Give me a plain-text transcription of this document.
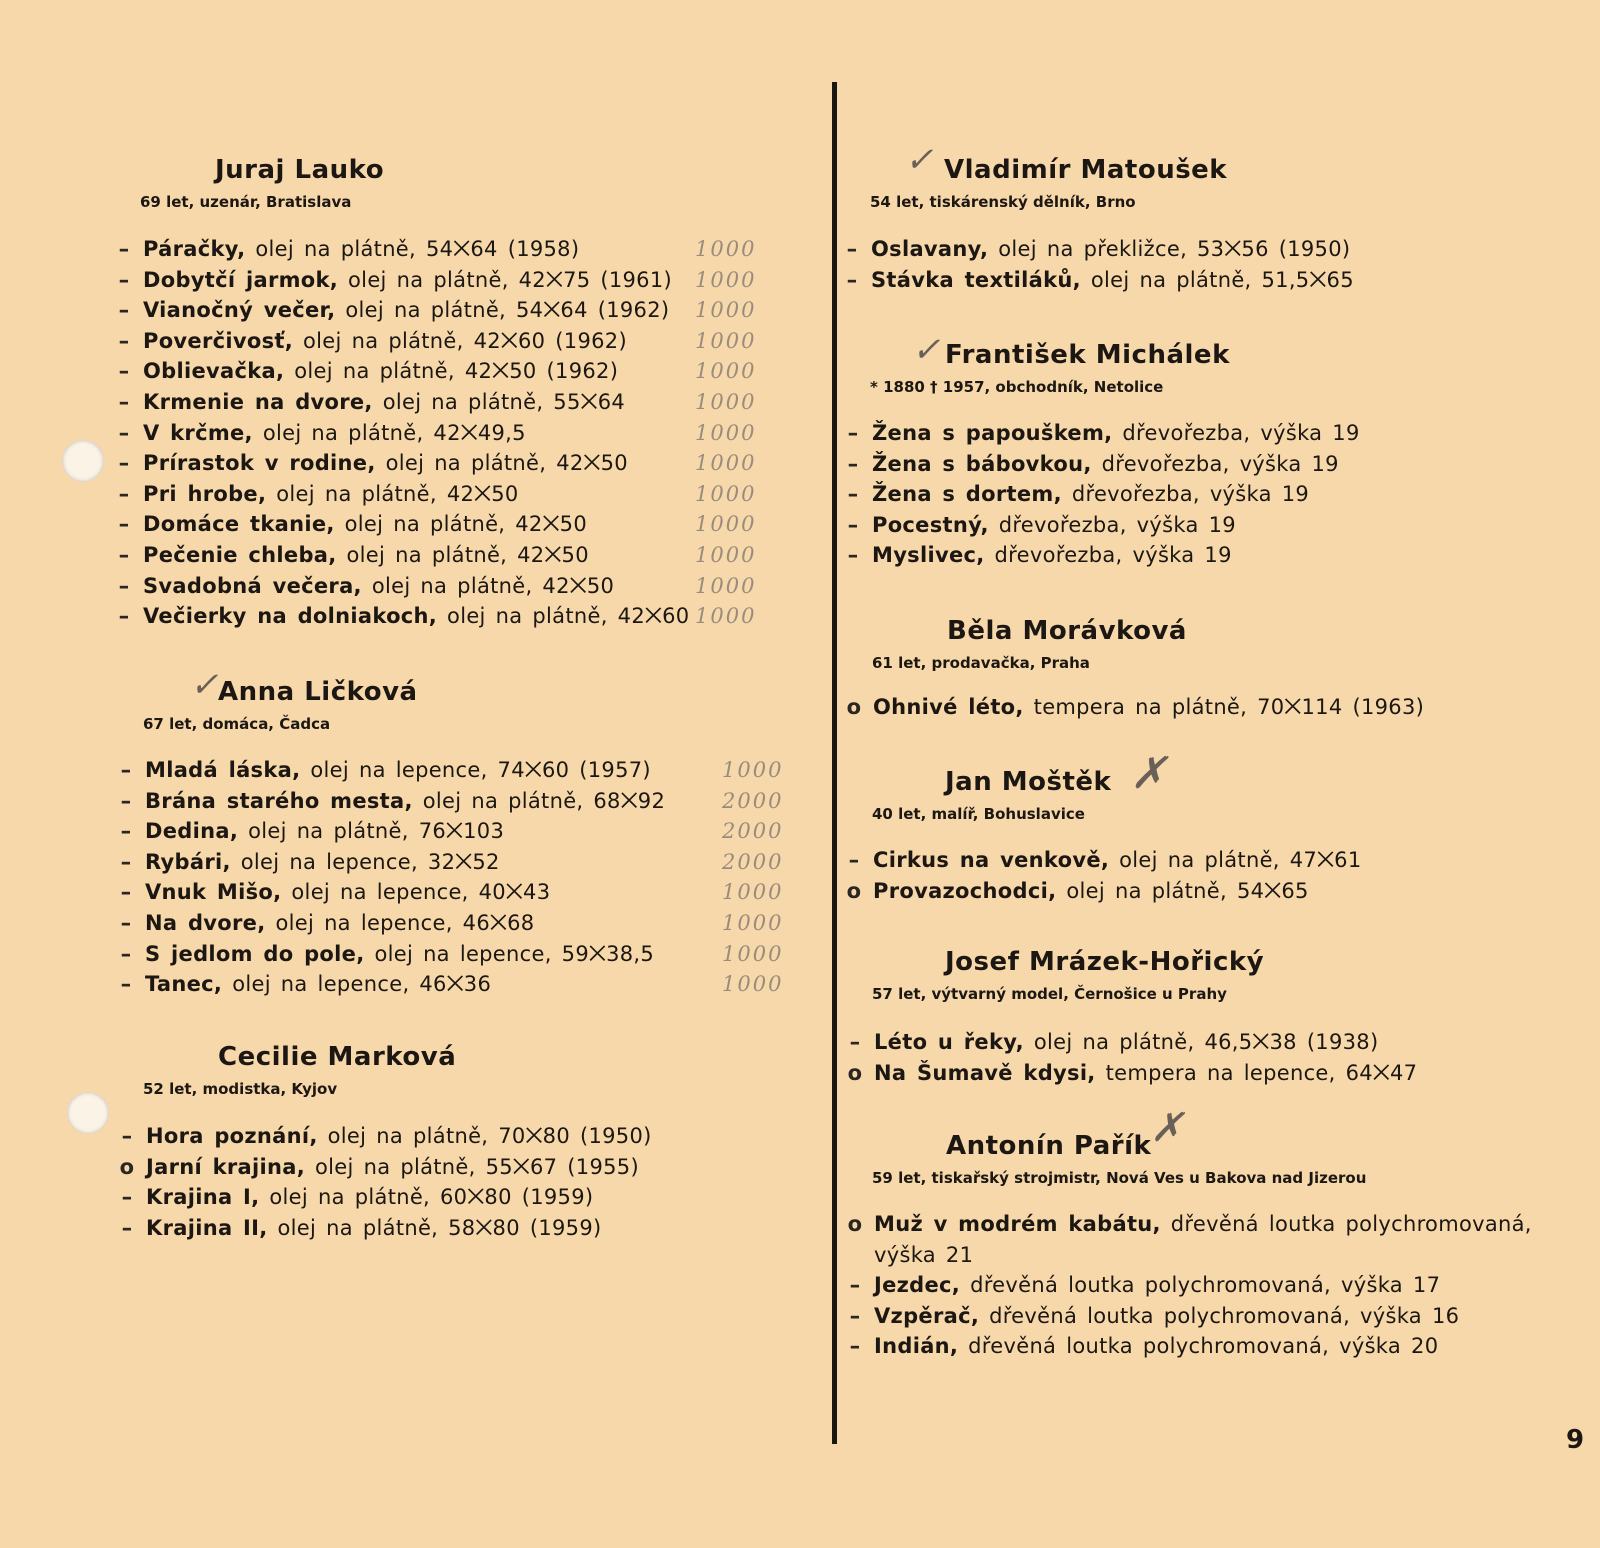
Juraj Lauko
69 let, uzenár, Bratislava
– Páračky, olej na plátně, 54⨉64 (1958)
– Dobytčí jarmok, olej na plátně, 42⨉75 (1961)
– Vianočný večer, olej na plátně, 54⨉64 (1962)
– Poverčivosť, olej na plátně, 42⨉60 (1962)
– Oblievačka, olej na plátně, 42⨉50 (1962)
– Krmenie na dvore, olej na plátně, 55⨉64
– V krčme, olej na plátně, 42⨉49,5
– Prírastok v rodine, olej na plátně, 42⨉50
– Pri hrobe, olej na plátně, 42⨉50
– Domáce tkanie, olej na plátně, 42⨉50
– Pečenie chleba, olej na plátně, 42⨉50
– Svadobná večera, olej na plátně, 42⨉50
– Večierky na dolniakoch, olej na plátně, 42⨉60
Anna Ličková
67 let, domáca, Čadca
– Mladá láska, olej na lepence, 74⨉60 (1957)
– Brána starého mesta, olej na plátně, 68⨉92
– Dedina, olej na plátně, 76⨉103
– Rybári, olej na lepence, 32⨉52
– Vnuk Mišo, olej na lepence, 40⨉43
– Na dvore, olej na lepence, 46⨉68
– S jedlom do pole, olej na lepence, 59⨉38,5
– Tanec, olej na lepence, 46⨉36
Cecilie Marková
52 let, modistka, Kyjov
– Hora poznání, olej na plátně, 70⨉80 (1950)
o Jarní krajina, olej na plátně, 55⨉67 (1955)
– Krajina I, olej na plátně, 60⨉80 (1959)
– Krajina II, olej na plátně, 58⨉80 (1959)
Vladimír Matoušek
54 let, tiskárenský dělník, Brno
– Oslavany, olej na překližce, 53⨉56 (1950)
– Stávka textiláků, olej na plátně, 51,5⨉65
František Michálek
* 1880 † 1957, obchodník, Netolice
– Žena s papouškem, dřevořezba, výška 19
– Žena s bábovkou, dřevořezba, výška 19
– Žena s dortem, dřevořezba, výška 19
– Pocestný, dřevořezba, výška 19
– Myslivec, dřevořezba, výška 19
Běla Morávková
61 let, prodavačka, Praha
o Ohnivé léto, tempera na plátně, 70⨉114 (1963)
Jan Moštěk
40 let, malíř, Bohuslavice
– Cirkus na venkově, olej na plátně, 47⨉61
o Provazochodci, olej na plátně, 54⨉65
Josef Mrázek-Hořický
57 let, výtvarný model, Černošice u Prahy
– Léto u řeky, olej na plátně, 46,5⨉38 (1938)
o Na Šumavě kdysi, tempera na lepence, 64⨉47
Antonín Pařík
59 let, tiskařský strojmistr, Nová Ves u Bakova nad Jizerou
o Muž v modrém kabátu, dřevěná loutka polychromovaná,
výška 21
– Jezdec, dřevěná loutka polychromovaná, výška 17
– Vzpěrač, dřevěná loutka polychromovaná, výška 16
– Indián, dřevěná loutka polychromovaná, výška 20
1000
1000
1000
1000
1000
1000
1000
1000
1000
1000
1000
1000
1000
1000
2000
2000
2000
1000
1000
1000
1000
✓
✓
✓
✗
✗
9
